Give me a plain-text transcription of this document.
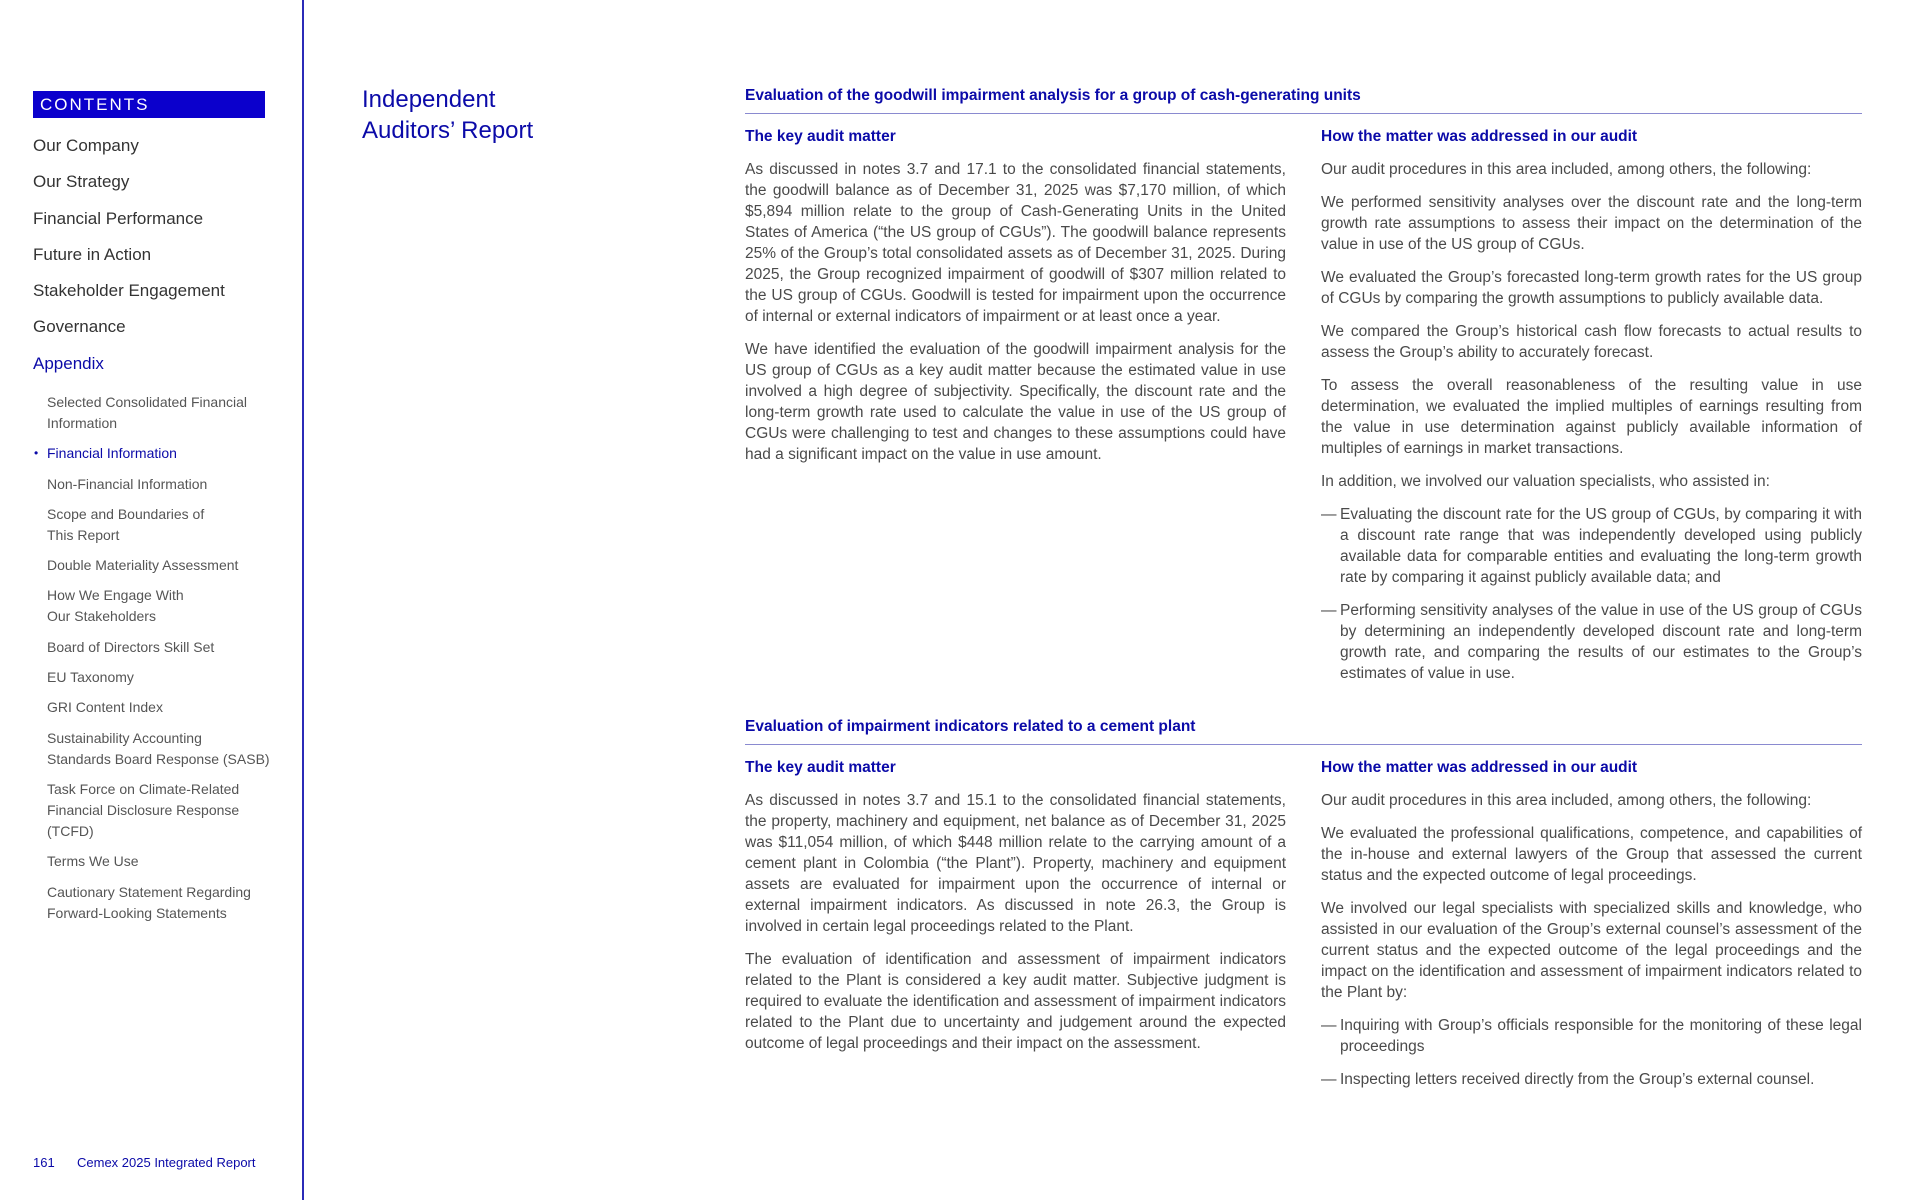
CONTENTS
Our Company
Our Strategy
Financial Performance
Future in Action
Stakeholder Engagement
Governance
Appendix
Selected Consolidated Financial
Information
• Financial Information
Non-Financial Information
Scope and Boundaries of
This Report
Double Materiality Assessment
How We Engage With
Our Stakeholders
Board of Directors Skill Set
EU Taxonomy
GRI Content Index
Sustainability Accounting
Standards Board Response (SASB)
Task Force on Climate-Related
Financial Disclosure Response
(TCFD)
Terms We Use
Cautionary Statement Regarding
Forward-Looking Statements
161 Cemex 2025 Integrated Report
Independent
Auditors’ Report
Evaluation of the goodwill impairment analysis for a group of cash-generating units
The key audit matter

As discussed in notes 3.7 and 17.1 to the consolidated financial statements, the goodwill balance as of December 31, 2025 was $7,170 million, of which $5,894 million relate to the group of Cash-Generating Units in the United States of America (“the US group of CGUs”). The goodwill balance represents 25% of the Group’s total consolidated assets as of December 31, 2025. During 2025, the Group recognized impairment of goodwill of $307 million related to the US group of CGUs. Goodwill is tested for impairment upon the occurrence of internal or external indicators of impairment or at least once a year.

We have identified the evaluation of the goodwill impairment analysis for the US group of CGUs as a key audit matter because the estimated value in use involved a high degree of subjectivity. Specifically, the discount rate and the long-term growth rate used to calculate the value in use of the US group of CGUs were challenging to test and changes to these assumptions could have had a significant impact on the value in use amount.

How the matter was addressed in our audit

Our audit procedures in this area included, among others, the following:

We performed sensitivity analyses over the discount rate and the long-term growth rate assumptions to assess their impact on the determination of the value in use of the US group of CGUs.

We evaluated the Group’s forecasted long-term growth rates for the US group of CGUs by comparing the growth assumptions to publicly available data.

We compared the Group’s historical cash flow forecasts to actual results to assess the Group’s ability to accurately forecast.

To assess the overall reasonableness of the resulting value in use determination, we evaluated the implied multiples of earnings resulting from the value in use determination against publicly available information of multiples of earnings in market transactions.

In addition, we involved our valuation specialists, who assisted in:

— Evaluating the discount rate for the US group of CGUs, by comparing it with a discount rate range that was independently developed using publicly available data for comparable entities and evaluating the long-term growth rate by comparing it against publicly available data; and

— Performing sensitivity analyses of the value in use of the US group of CGUs by determining an independently developed discount rate and long-term growth rate, and comparing the results of our estimates to the Group’s estimates of value in use.

Evaluation of impairment indicators related to a cement plant
The key audit matter

As discussed in notes 3.7 and 15.1 to the consolidated financial statements, the property, machinery and equipment, net balance as of December 31, 2025 was $11,054 million, of which $448 million relate to the carrying amount of a cement plant in Colombia (“the Plant”). Property, machinery and equipment assets are evaluated for impairment upon the occurrence of internal or external impairment indicators. As discussed in note 26.3, the Group is involved in certain legal proceedings related to the Plant.

The evaluation of identification and assessment of impairment indicators related to the Plant is considered a key audit matter. Subjective judgment is required to evaluate the identification and assessment of impairment indicators related to the Plant due to uncertainty and judgement around the expected outcome of legal proceedings and their impact on the assessment.

How the matter was addressed in our audit

Our audit procedures in this area included, among others, the following:

We evaluated the professional qualifications, competence, and capabilities of the in-house and external lawyers of the Group that assessed the current status and the expected outcome of legal proceedings.

We involved our legal specialists with specialized skills and knowledge, who assisted in our evaluation of the Group’s external counsel’s assessment of the current status and the expected outcome of the legal proceedings and the impact on the identification and assessment of impairment indicators related to the Plant by:

— Inquiring with Group’s officials responsible for the monitoring of these legal proceedings

— Inspecting letters received directly from the Group’s external counsel.
